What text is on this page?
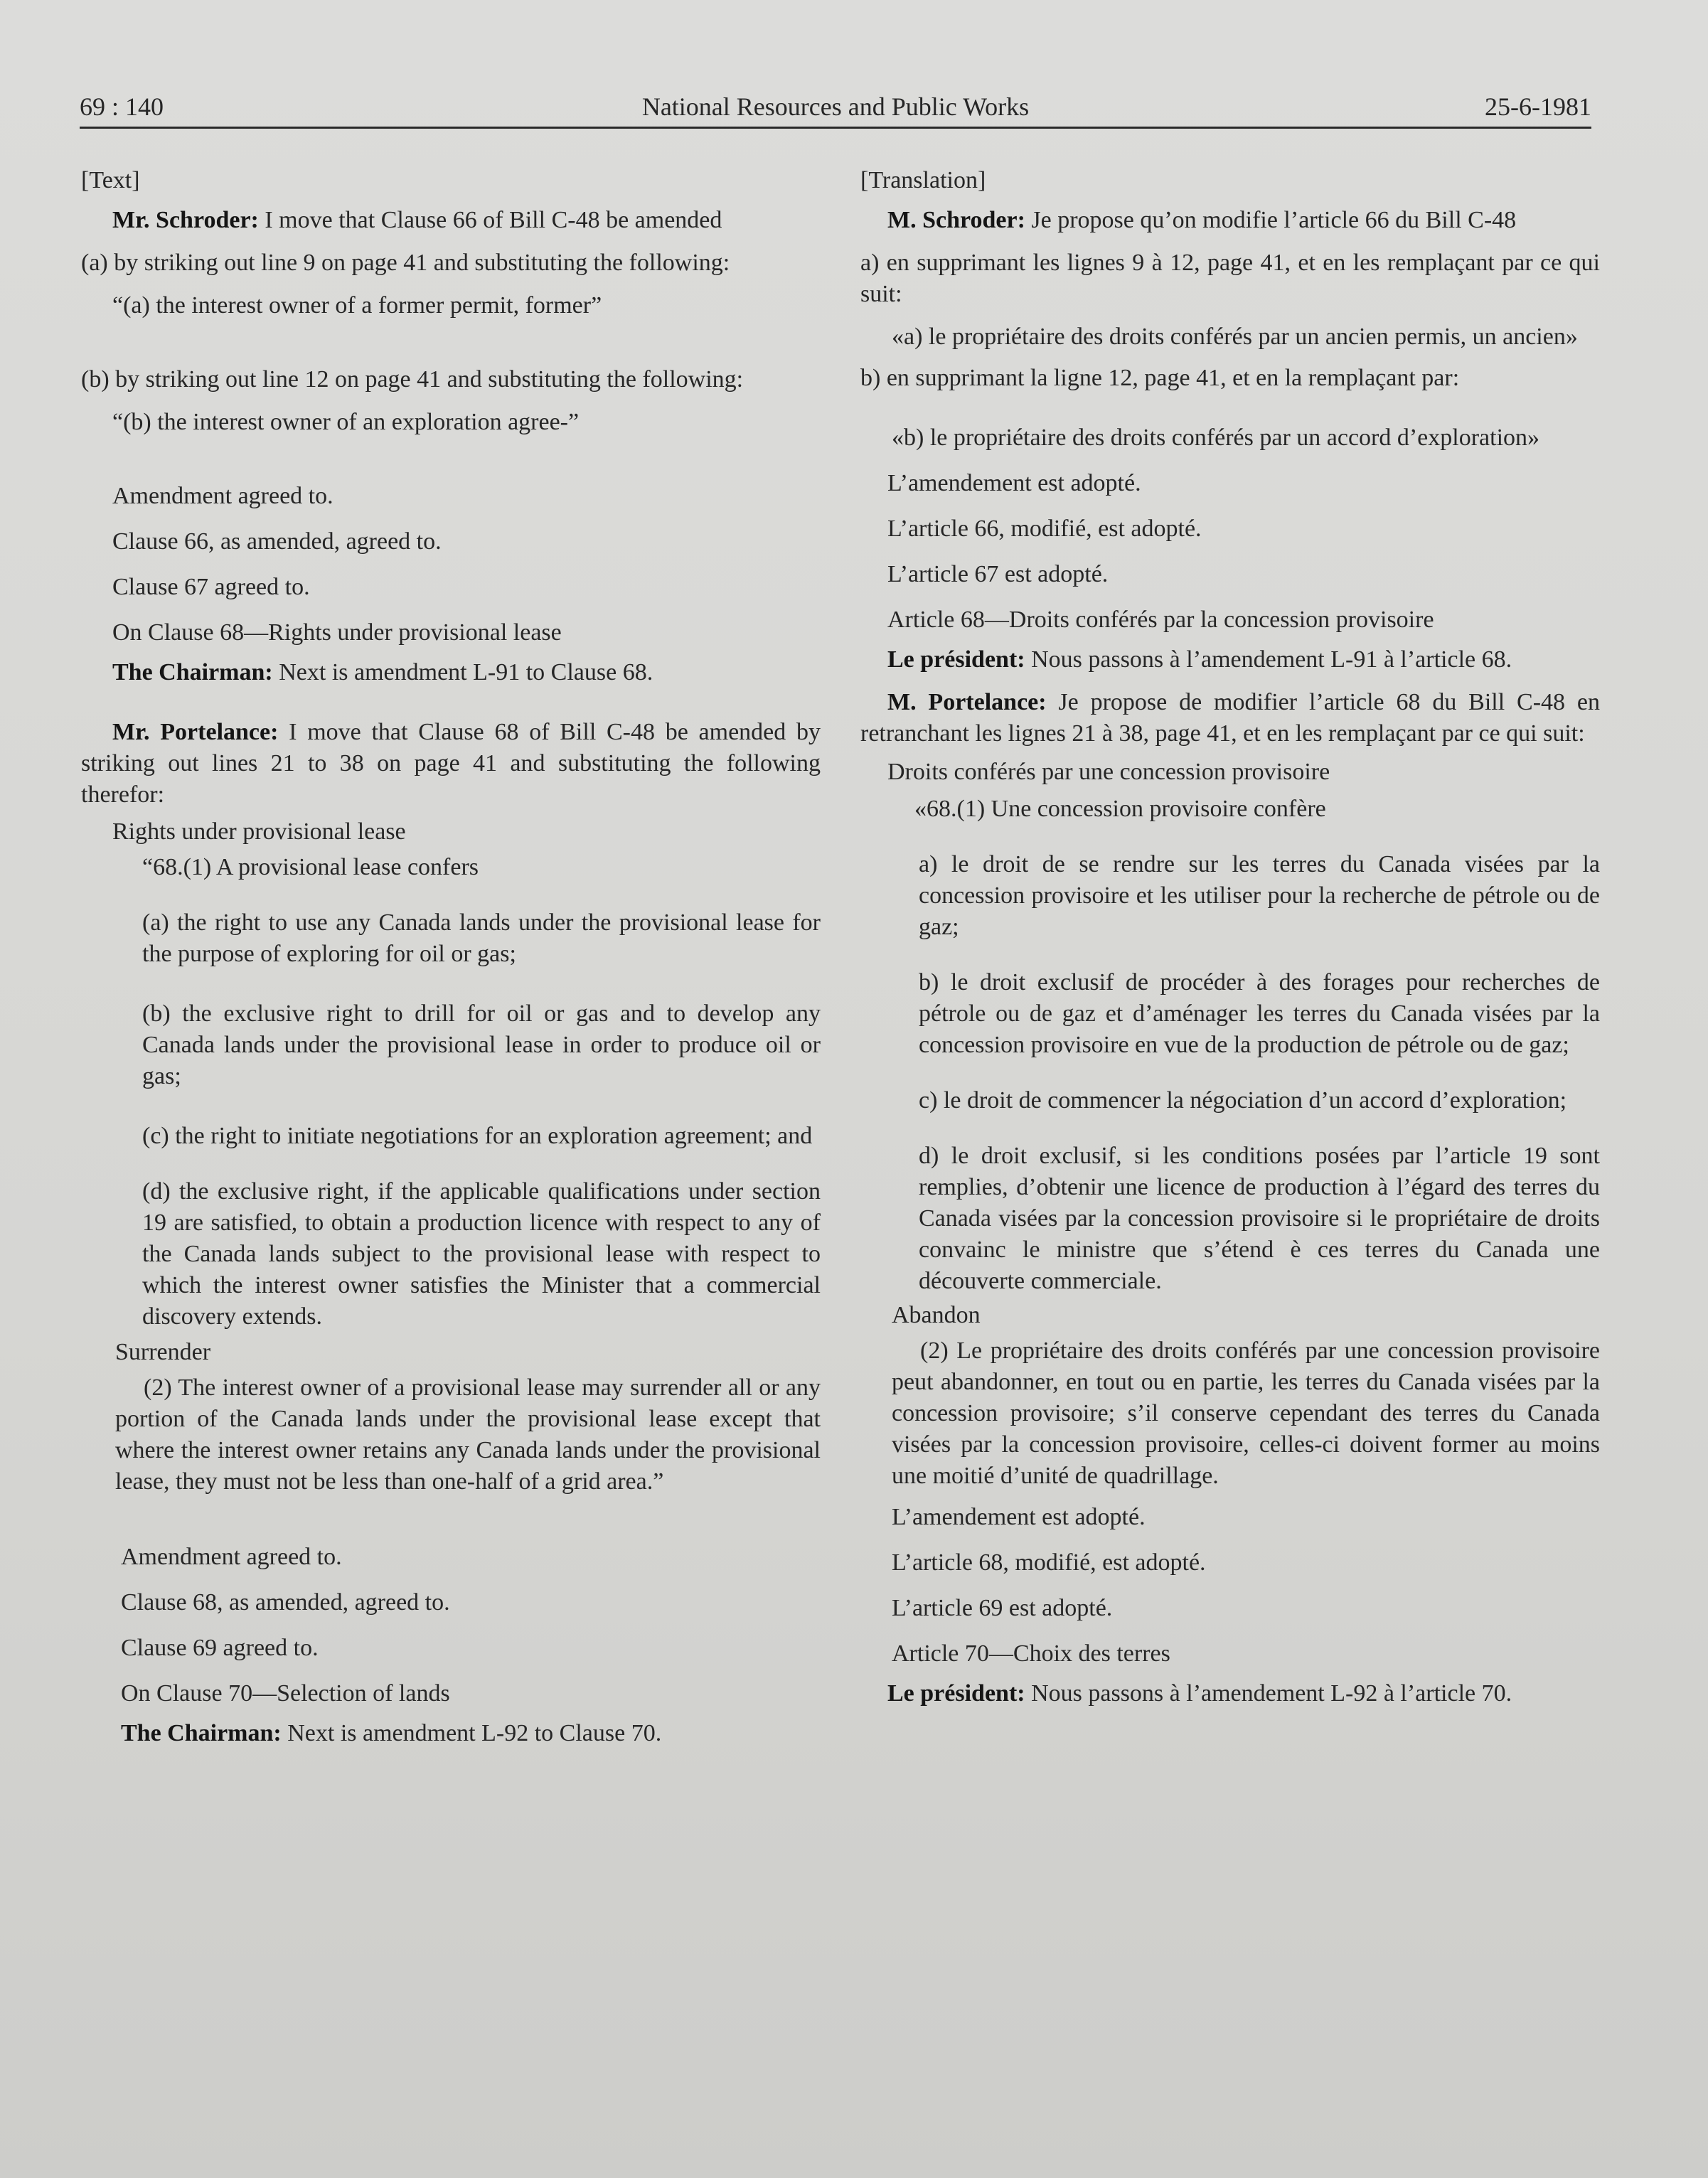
69 : 140	National Resources and Public Works	25-6-1981

[Text]

Mr. Schroder: I move that Clause 66 of Bill C-48 be amended

(a) by striking out line 9 on page 41 and substituting the following:

“(a) the interest owner of a former permit, former”

(b) by striking out line 12 on page 41 and substituting the following:

“(b) the interest owner of an exploration agree-”

Amendment agreed to.

Clause 66, as amended, agreed to.

Clause 67 agreed to.

On Clause 68—Rights under provisional lease

The Chairman: Next is amendment L-91 to Clause 68.

Mr. Portelance: I move that Clause 68 of Bill C-48 be amended by striking out lines 21 to 38 on page 41 and substituting the following therefor:

Rights under provisional lease

“68.(1) A provisional lease confers

(a) the right to use any Canada lands under the provisional lease for the purpose of exploring for oil or gas;

(b) the exclusive right to drill for oil or gas and to develop any Canada lands under the provisional lease in order to produce oil or gas;

(c) the right to initiate negotiations for an exploration agreement; and

(d) the exclusive right, if the applicable qualifications under section 19 are satisfied, to obtain a production licence with respect to any of the Canada lands subject to the provisional lease with respect to which the interest owner satisfies the Minister that a commercial discovery extends.

Surrender

(2) The interest owner of a provisional lease may surrender all or any portion of the Canada lands under the provisional lease except that where the interest owner retains any Canada lands under the provisional lease, they must not be less than one-half of a grid area.”

Amendment agreed to.

Clause 68, as amended, agreed to.

Clause 69 agreed to.

On Clause 70—Selection of lands

The Chairman: Next is amendment L-92 to Clause 70.

[Translation]

M. Schroder: Je propose qu’on modifie l’article 66 du Bill C-48

a) en supprimant les lignes 9 à 12, page 41, et en les remplaçant par ce qui suit:

«a) le propriétaire des droits conférés par un ancien permis, un ancien»

b) en supprimant la ligne 12, page 41, et en la remplaçant par:

«b) le propriétaire des droits conférés par un accord d’exploration»

L’amendement est adopté.

L’article 66, modifié, est adopté.

L’article 67 est adopté.

Article 68—Droits conférés par la concession provisoire

Le président: Nous passons à l’amendement L-91 à l’article 68.

M. Portelance: Je propose de modifier l’article 68 du Bill C-48 en retranchant les lignes 21 à 38, page 41, et en les remplaçant par ce qui suit:

Droits conférés par une concession provisoire

«68.(1) Une concession provisoire confère

a) le droit de se rendre sur les terres du Canada visées par la concession provisoire et les utiliser pour la recherche de pétrole ou de gaz;

b) le droit exclusif de procéder à des forages pour recherches de pétrole ou de gaz et d’aménager les terres du Canada visées par la concession provisoire en vue de la production de pétrole ou de gaz;

c) le droit de commencer la négociation d’un accord d’exploration;

d) le droit exclusif, si les conditions posées par l’article 19 sont remplies, d’obtenir une licence de production à l’égard des terres du Canada visées par la concession provisoire si le propriétaire de droits convainc le ministre que s’étend è ces terres du Canada une découverte commerciale.

Abandon

(2) Le propriétaire des droits conférés par une concession provisoire peut abandonner, en tout ou en partie, les terres du Canada visées par la concession provisoire; s’il conserve cependant des terres du Canada visées par la concession provisoire, celles-ci doivent former au moins une moitié d’unité de quadrillage.

L’amendement est adopté.

L’article 68, modifié, est adopté.

L’article 69 est adopté.

Article 70—Choix des terres

Le président: Nous passons à l’amendement L-92 à l’article 70.
